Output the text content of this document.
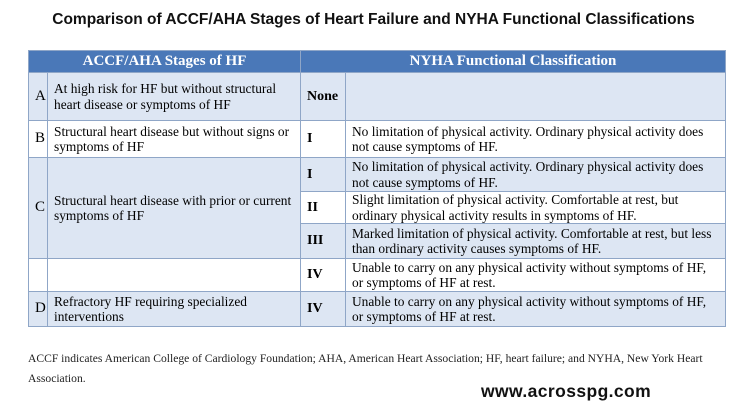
Comparison of ACCF/AHA Stages of Heart Failure and NYHA Functional Classifications
ACCF/AHA Stages of HF		NYHA Functional Classification	
A	At high risk for HF but without structural heart disease or symptoms of HF	None	
B	Structural heart disease but without signs or symptoms of HF	I	No limitation of physical activity. Ordinary physical activity does not cause symptoms of HF.
C	Structural heart disease with prior or current symptoms of HF	I	No limitation of physical activity. Ordinary physical activity does not cause symptoms of HF.
		II	Slight limitation of physical activity. Comfortable at rest, but ordinary physical activity results in symptoms of HF.
		III	Marked limitation of physical activity. Comfortable at rest, but less than ordinary activity causes symptoms of HF.
		IV	Unable to carry on any physical activity without symptoms of HF, or symptoms of HF at rest.
D	Refractory HF requiring specialized interventions	IV	Unable to carry on any physical activity without symptoms of HF, or symptoms of HF at rest.
ACCF indicates American College of Cardiology Foundation; AHA, American Heart Association; HF, heart failure; and NYHA, New York Heart Association.
www.acrosspg.com
